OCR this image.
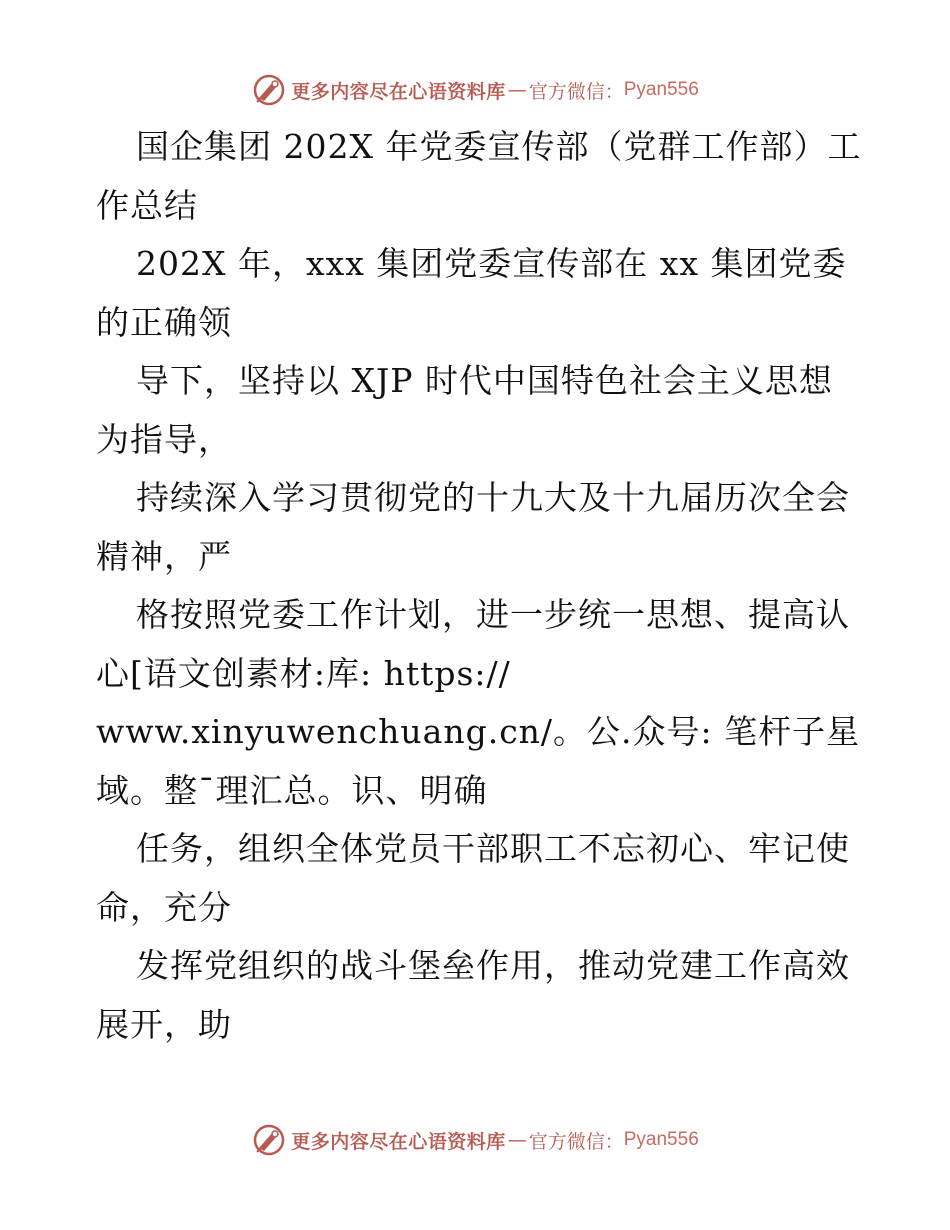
更多内容尽在心语资料库 — 官方微信： Pyan556
国企集团 202X 年党委宣传部（党群工作部）工
作总结
202X 年，xxx 集团党委宣传部在 xx 集团党委
的正确领
导下，坚持以 XJP 时代中国特色社会主义思想
为指导，
持续深入学习贯彻党的十九大及十九届历次全会
精神，严
格按照党委工作计划，进一步统一思想、提高认
心[语文创素材:库: https://
www.xinyuwenchuang.cn/。公.众号: 笔杆子星
域。整¯理汇总。识、明确
任务，组织全体党员干部职工不忘初心、牢记使
命，充分
发挥党组织的战斗堡垒作用，推动党建工作高效
展开，助
更多内容尽在心语资料库 — 官方微信： Pyan556
